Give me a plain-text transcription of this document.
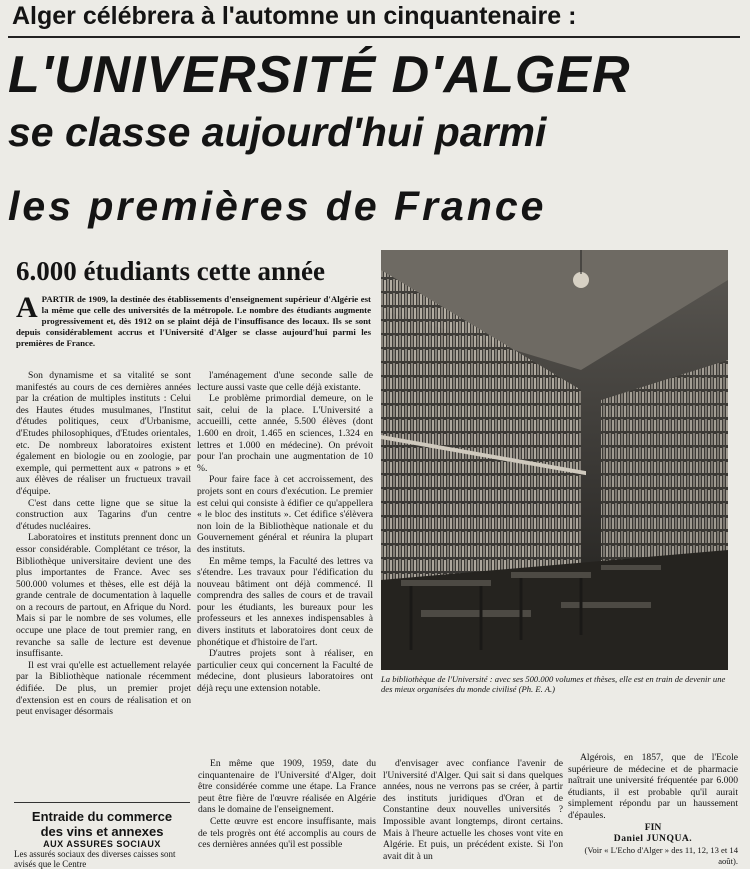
Alger célébrera à l'automne un cinquantenaire :
L'UNIVERSITÉ D'ALGER
se classe aujourd'hui parmi
les premières de France
6.000 étudiants cette année
A PARTIR de 1909, la destinée des établissements d'enseignement supérieur d'Algérie est la même que celle des universités de la métropole. Le nombre des étudiants augmente progressivement et, dès 1912 on se plaint déjà de l'insuffisance des locaux. Ils se sont depuis considérablement accrus et l'Université d'Alger se classe aujourd'hui parmi les premières de France.

Son dynamisme et sa vitalité se sont manifestés au cours de ces dernières années par la création de multiples instituts : Celui des Hautes études musulmanes, l'Institut d'études politiques, ceux d'Urbanisme, d'Etudes philosophiques, d'Etudes orientales, etc. De nombreux laboratoires existent également en biologie ou en zoologie, par exemple, qui permettent aux « patrons » et aux élèves de réaliser un fructueux travail d'équipe.

C'est dans cette ligne que se situe la construction aux Tagarins d'un centre d'études nucléaires.

Laboratoires et instituts prennent donc un essor considérable. Complétant ce trésor, la Bibliothèque universitaire devient une des plus importantes de France. Avec ses 500.000 volumes et thèses, elle est déjà la grande centrale de documentation à laquelle on a recours de partout, en Afrique du Nord. Mais si par le nombre de ses volumes, elle occupe une place de tout premier rang, en revanche sa salle de lecture est devenue insuffisante.

Il est vrai qu'elle est actuellement relayée par la Bibliothèque nationale récemment édifiée. De plus, un premier projet d'extension est en cours de réalisation et on peut envisager désormais

l'aménagement d'une seconde salle de lecture aussi vaste que celle déjà existante.

Le problème primordial demeure, on le sait, celui de la place. L'Université a accueilli, cette année, 5.500 élèves (dont 1.600 en droit, 1.465 en sciences, 1.324 en lettres et 1.000 en médecine). On prévoit pour l'an prochain une augmentation de 10 %.

Pour faire face à cet accroissement, des projets sont en cours d'exécution. Le premier est celui qui consiste à édifier ce qu'appellera « le bloc des instituts ». Cet édifice s'élèvera non loin de la Bibliothèque nationale et du Gouvernement général et réunira la plupart des instituts.

En même temps, la Faculté des lettres va s'étendre. Les travaux pour l'édification du nouveau bâtiment ont déjà commencé. Il comprendra des salles de cours et de travail pour les étudiants, les bureaux pour les professeurs et les annexes indispensables à divers instituts et laboratoires dont ceux de phonétique et d'histoire de l'art.

D'autres projets sont à réaliser, en particulier ceux qui concernent la Faculté de médecine, dont plusieurs laboratoires ont déjà reçu une extension notable.

La bibliothèque de l'Université : avec ses 500.000 volumes et thèses, elle est en train de devenir une des mieux organisées du monde civilisé (Ph. E. A.)

En même que 1909, 1959, date du cinquantenaire de l'Université d'Alger, doit être considérée comme une étape. La France peut être fière de l'œuvre réalisée en Algérie dans le domaine de l'enseignement.

Cette œuvre est encore insuffisante, mais de tels progrès ont été accomplis au cours de ces dernières années qu'il est possible

d'envisager avec confiance l'avenir de l'Université d'Alger. Qui sait si dans quelques années, nous ne verrons pas se créer, à partir des instituts juridiques d'Oran et de Constantine deux nouvelles universités ? Impossible avant longtemps, diront certains. Mais à l'heure actuelle les choses vont vite en Algérie. Et puis, un précédent existe. Si l'on avait dit à un

Algérois, en 1857, que de l'Ecole supérieure de médecine et de pharmacie naîtrait une université fréquentée par 6.000 étudiants, il est probable qu'il aurait simplement répondu par un haussement d'épaules.

FIN
Daniel JUNQUA.
(Voir « L'Echo d'Alger » des 11, 12, 13 et 14 août).
Entraide du commerce
des vins et annexes
AUX ASSURES SOCIAUX
Les assurés sociaux des diverses caisses sont avisés que le Centre
